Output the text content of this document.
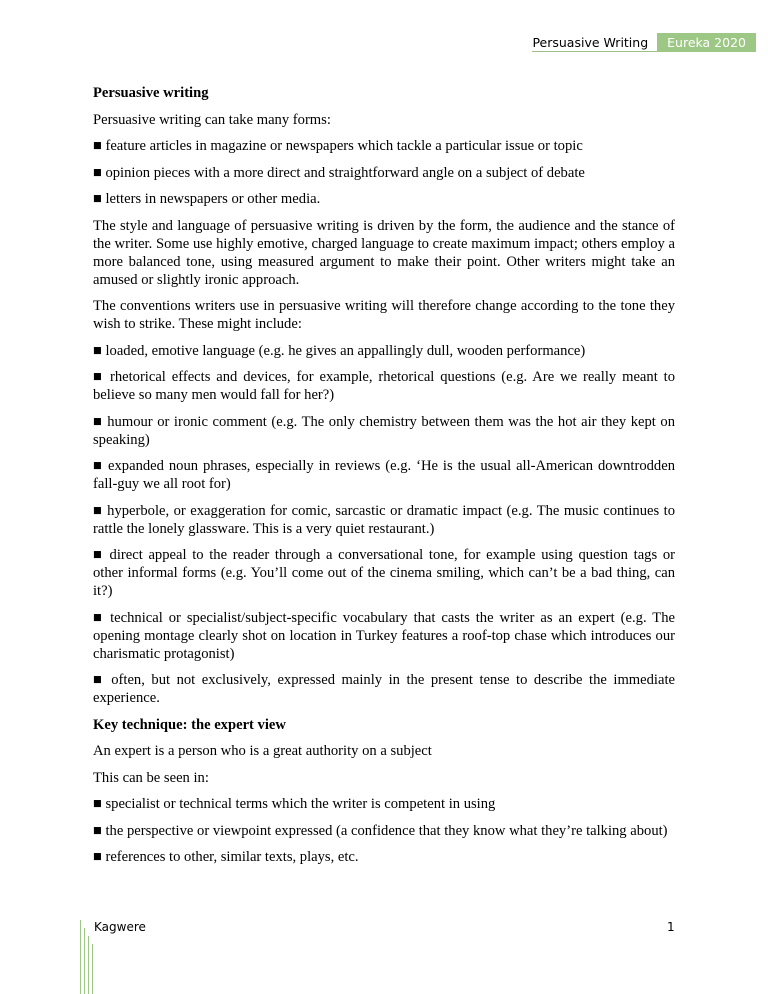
Persuasive Writing	Eureka 2020

Persuasive writing

Persuasive writing can take many forms:

■ feature articles in magazine or newspapers which tackle a particular issue or topic

■ opinion pieces with a more direct and straightforward angle on a subject of debate

■ letters in newspapers or other media.

The style and language of persuasive writing is driven by the form, the audience and the stance of the writer. Some use highly emotive, charged language to create maximum impact; others employ a more balanced tone, using measured argument to make their point. Other writers might take an amused or slightly ironic approach.

The conventions writers use in persuasive writing will therefore change according to the tone they wish to strike. These might include:

■ loaded, emotive language (e.g. he gives an appallingly dull, wooden performance)

■ rhetorical effects and devices, for example, rhetorical questions (e.g. Are we really meant to believe so many men would fall for her?)

■ humour or ironic comment (e.g. The only chemistry between them was the hot air they kept on speaking)

■ expanded noun phrases, especially in reviews (e.g. ‘He is the usual all-American downtrodden fall-guy we all root for)

■ hyperbole, or exaggeration for comic, sarcastic or dramatic impact (e.g. The music continues to rattle the lonely glassware. This is a very quiet restaurant.)

■ direct appeal to the reader through a conversational tone, for example using question tags or other informal forms (e.g. You’ll come out of the cinema smiling, which can’t be a bad thing, can it?)

■ technical or specialist/subject-specific vocabulary that casts the writer as an expert (e.g. The opening montage clearly shot on location in Turkey features a roof-top chase which introduces our charismatic protagonist)

■ often, but not exclusively, expressed mainly in the present tense to describe the immediate experience.

Key technique: the expert view

An expert is a person who is a great authority on a subject

This can be seen in:

■ specialist or technical terms which the writer is competent in using

■ the perspective or viewpoint expressed (a confidence that they know what they’re talking about)

■ references to other, similar texts, plays, etc.

Kagwere	1
